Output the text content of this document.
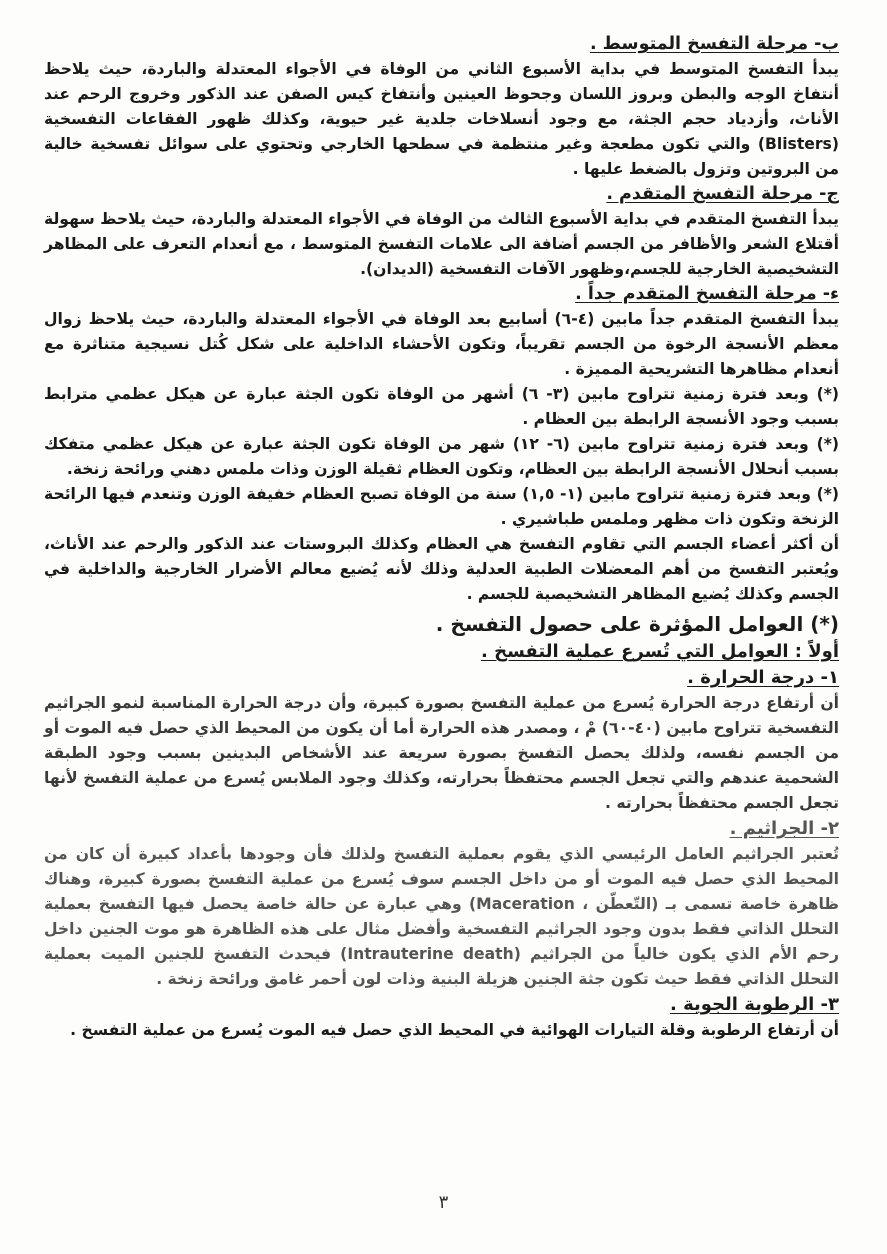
ب- مرحلة التفسخ المتوسط .
يبدأ التفسخ المتوسط في بداية الأسبوع الثاني من الوفاة في الأجواء المعتدلة والباردة، حيث يلاحظ أنتفاخ الوجه والبطن وبروز اللسان وجحوظ العينين وأنتفاخ كيس الصفن عند الذكور وخروج الرحم عند الأناث، وأزدياد حجم الجثة، مع وجود أنسلاخات جلدية غير حيوية، وكذلك ظهور الفقاعات التفسخية (Blisters) والتي تكون مطعجة وغير منتظمة في سطحها الخارجي وتحتوي على سوائل تفسخية خالية من البروتين وتزول بالضغط عليها .
ج- مرحلة التفسخ المتقدم .
يبدأ التفسخ المتقدم في بداية الأسبوع الثالث من الوفاة في الأجواء المعتدلة والباردة، حيث يلاحظ سهولة أقتلاع الشعر والأظافر من الجسم أضافة الى علامات التفسخ المتوسط ، مع أنعدام التعرف على المظاهر التشخيصية الخارجية للجسم،وظهور الآفات التفسخية (الديدان).
ء- مرحلة التفسخ المتقدم جداً .
يبدأ التفسخ المتقدم جداً مابين (٤-٦) أسابيع بعد الوفاة في الأجواء المعتدلة والباردة، حيث يلاحظ زوال معظم الأنسجة الرخوة من الجسم تقريباً، وتكون الأحشاء الداخلية على شكل كُتل نسيجية متناثرة مع أنعدام مظاهرها التشريحية المميزة .
(*) وبعد فترة زمنية تتراوح مابين (٣- ٦) أشهر من الوفاة تكون الجثة عبارة عن هيكل عظمي مترابط بسبب وجود الأنسجة الرابطة بين العظام .
(*) وبعد فترة زمنية تتراوح مابين (٦- ١٢) شهر من الوفاة تكون الجثة عبارة عن هيكل عظمي متفكك بسبب أنحلال الأنسجة الرابطة بين العظام، وتكون العظام ثقيلة الوزن وذات ملمس دهني ورائحة زنخة.
(*) وبعد فترة زمنية تتراوح مابين (١- ١,٥) سنة من الوفاة تصبح العظام خفيفة الوزن وتنعدم فيها الرائحة الزنخة وتكون ذات مظهر وملمس طباشيري .
أن أكثر أعضاء الجسم التي تقاوم التفسخ هي العظام وكذلك البروستات عند الذكور والرحم عند الأناث، ويُعتبر التفسخ من أهم المعضلات الطبية العدلية وذلك لأنه يُضيع معالم الأضرار الخارجية والداخلية في الجسم وكذلك يُضيع المظاهر التشخيصية للجسم .
(*) العوامل المؤثرة على حصول التفسخ .
أولاً : العوامل التي تُسرع عملية التفسخ .
١- درجة الحرارة .
أن أرتفاع درجة الحرارة يُسرع من عملية التفسخ بصورة كبيرة، وأن درجة الحرارة المناسبة لنمو الجراثيم التفسخية تتراوح مابين (٤٠-٦٠) مْ ، ومصدر هذه الحرارة أما أن يكون من المحيط الذي حصل فيه الموت أو من الجسم نفسه، ولذلك يحصل التفسخ بصورة سريعة عند الأشخاص البدينين بسبب وجود الطبقة الشحمية عندهم والتي تجعل الجسم محتفظاً بحرارته، وكذلك وجود الملابس يُسرع من عملية التفسخ لأنها تجعل الجسم محتفظاً بحرارته .
٢- الجراثيم .
تُعتبر الجراثيم العامل الرئيسي الذي يقوم بعملية التفسخ ولذلك فأن وجودها بأعداد كبيرة أن كان من المحيط الذي حصل فيه الموت أو من داخل الجسم سوف يُسرع من عملية التفسخ بصورة كبيرة، وهناك ظاهرة خاصة تسمى بـ (التّعطّن ، Maceration) وهي عبارة عن حالة خاصة يحصل فيها التفسخ بعملية التحلل الذاتي فقط بدون وجود الجراثيم التفسخية وأفضل مثال على هذه الظاهرة هو موت الجنين داخل رحم الأم الذي يكون خالياً من الجراثيم (Intrauterine death) فيحدث التفسخ للجنين الميت بعملية التحلل الذاتي فقط حيث تكون جثة الجنين هزيلة البنية وذات لون أحمر غامق ورائحة زنخة .
٣- الرطوبة الجوية .
أن أرتفاع الرطوبة وقلة التيارات الهوائية في المحيط الذي حصل فيه الموت يُسرع من عملية التفسخ .
٣
